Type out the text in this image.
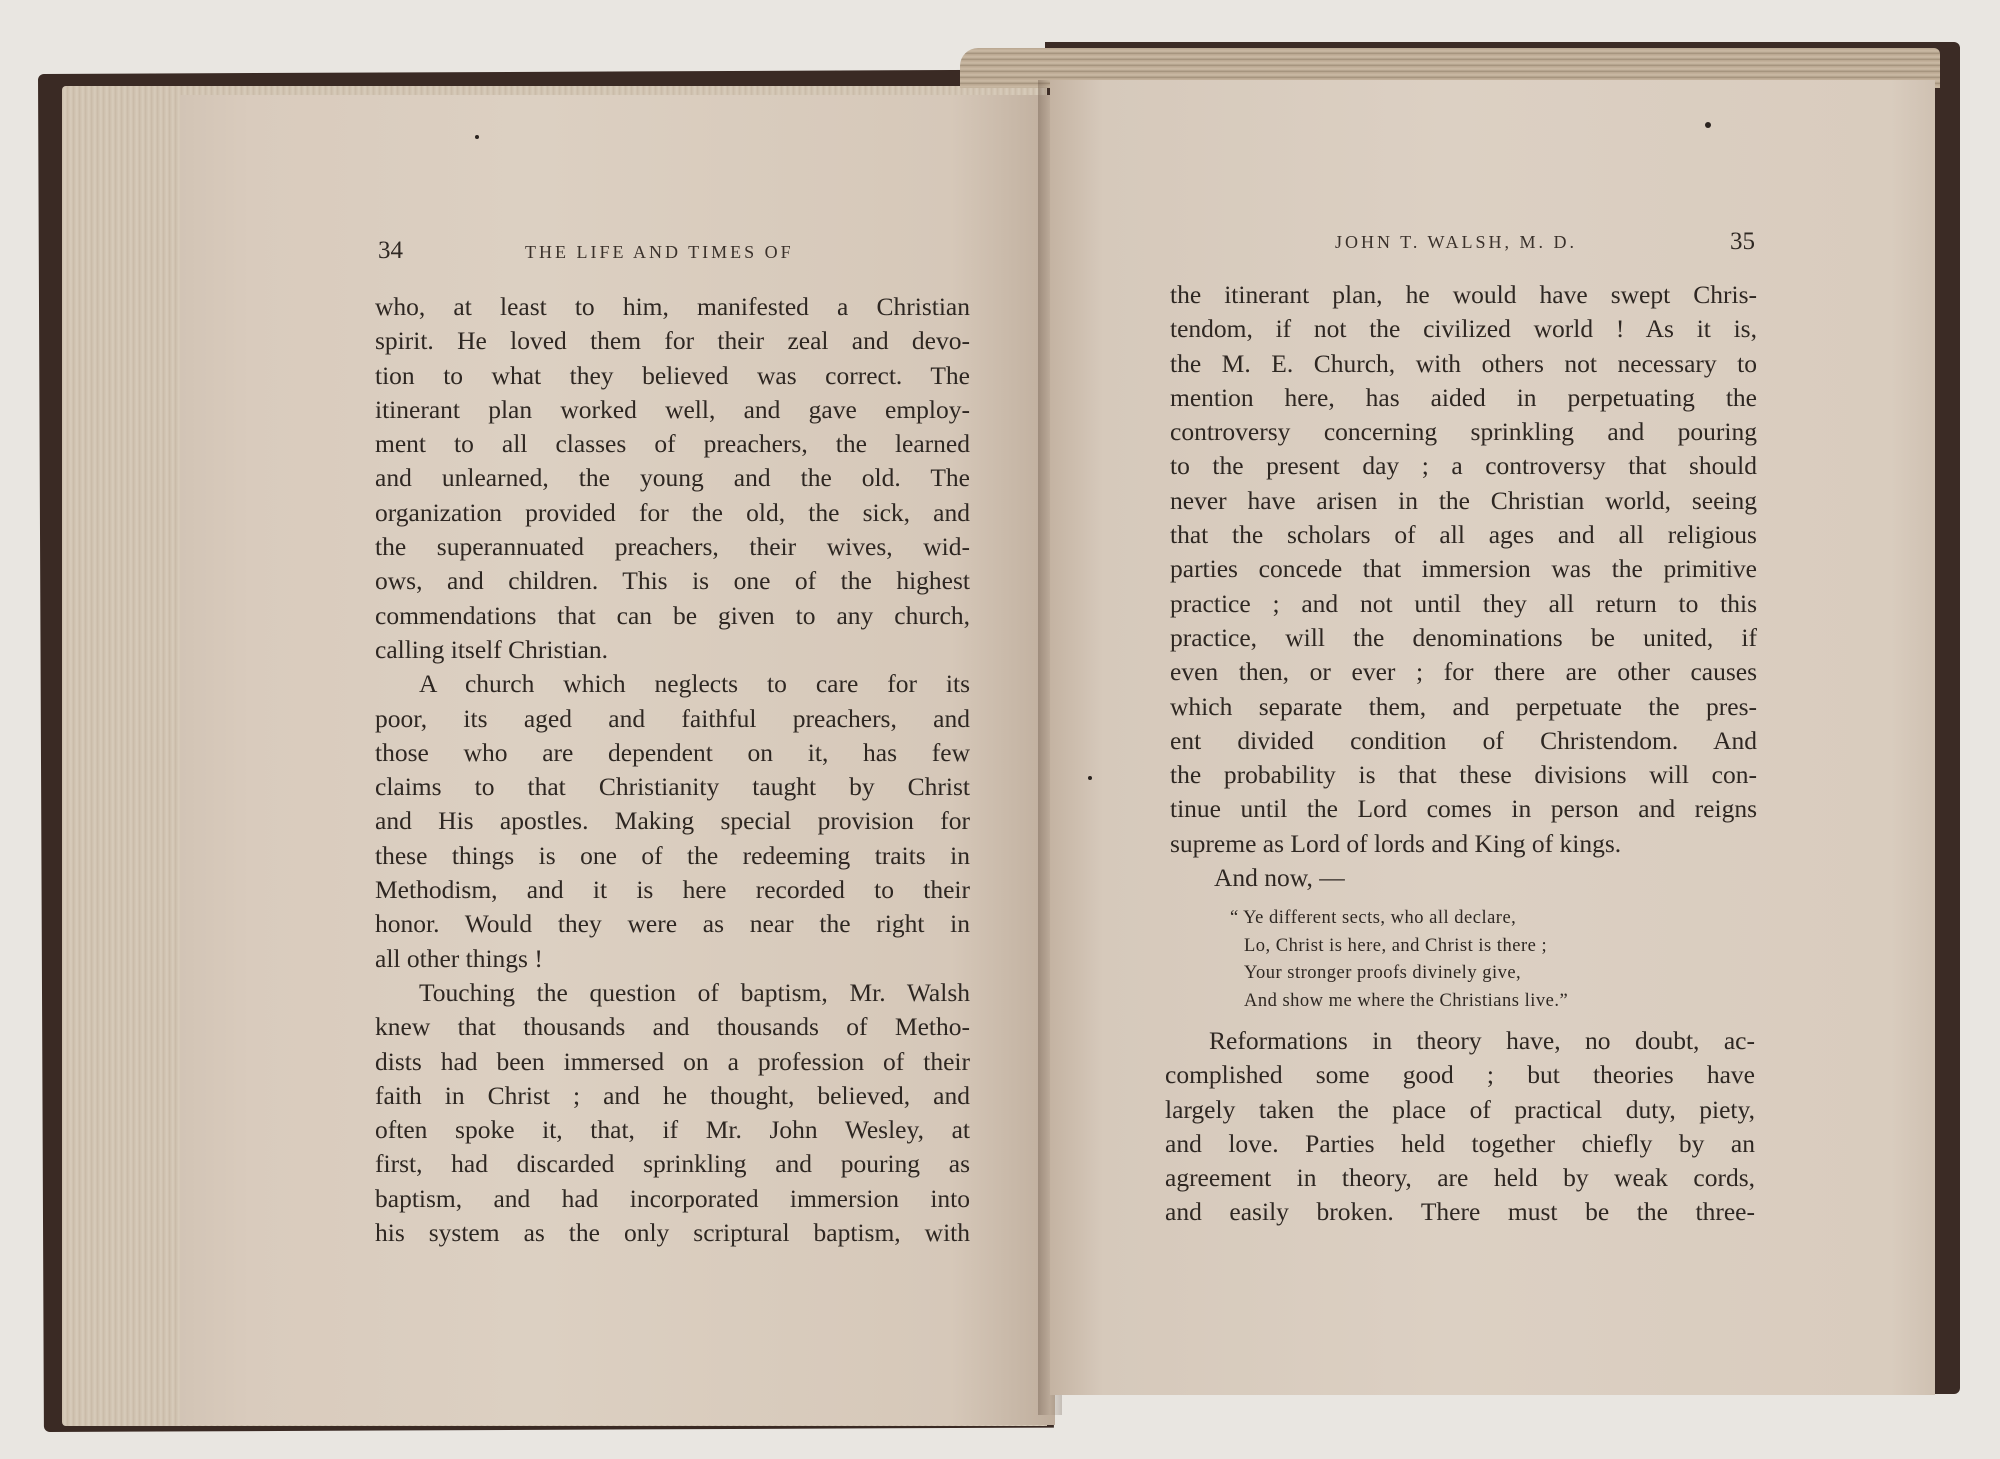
34	THE LIFE AND TIMES OF

who, at least to him, manifested a Christian
spirit. He loved them for their zeal and devo-
tion to what they believed was correct. The
itinerant plan worked well, and gave employ-
ment to all classes of preachers, the learned
and unlearned, the young and the old. The
organization provided for the old, the sick, and
the superannuated preachers, their wives, wid-
ows, and children. This is one of the highest
commendations that can be given to any church,

calling itself Christian.

A church which neglects to care for its
poor, its aged and faithful preachers, and
those who are dependent on it, has few
claims to that Christianity taught by Christ
and His apostles. Making special provision for
these things is one of the redeeming traits in
Methodism, and it is here recorded to their
honor. Would they were as near the right in

all other things !

Touching the question of baptism, Mr. Walsh
knew that thousands and thousands of Metho-
dists had been immersed on a profession of their
faith in Christ ; and he thought, believed, and
often spoke it, that, if Mr. John Wesley, at
first, had discarded sprinkling and pouring as
baptism, and had incorporated immersion into
his system as the only scriptural baptism, with

JOHN T. WALSH, M. D.	35

the itinerant plan, he would have swept Chris-
tendom, if not the civilized world ! As it is,
the M. E. Church, with others not necessary to
mention here, has aided in perpetuating the
controversy concerning sprinkling and pouring
to the present day ; a controversy that should
never have arisen in the Christian world, seeing
that the scholars of all ages and all religious
parties concede that immersion was the primitive
practice ; and not until they all return to this
practice, will the denominations be united, if
even then, or ever ; for there are other causes
which separate them, and perpetuate the pres-
ent divided condition of Christendom. And
the probability is that these divisions will con-
tinue until the Lord comes in person and reigns

supreme as Lord of lords and King of kings.

And now, —

“ Ye different sects, who all declare,
Lo, Christ is here, and Christ is there ;
Your stronger proofs divinely give,
And show me where the Christians live.”

Reformations in theory have, no doubt, ac-
complished some good ; but theories have
largely taken the place of practical duty, piety,
and love. Parties held together chiefly by an
agreement in theory, are held by weak cords,
and easily broken. There must be the three-
